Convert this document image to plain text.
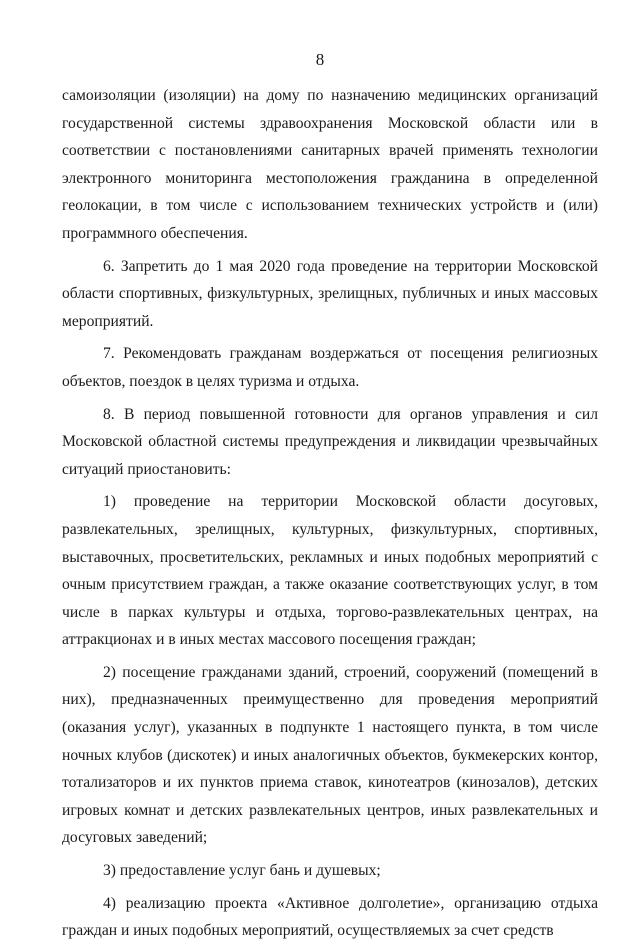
8

самоизоляции (изоляции) на дому по назначению медицинских организаций государственной системы здравоохранения Московской области или в соответствии с постановлениями санитарных врачей применять технологии электронного мониторинга местоположения гражданина в определенной геолокации, в том числе с использованием технических устройств и (или) программного обеспечения.

6. Запретить до 1 мая 2020 года проведение на территории Московской области спортивных, физкультурных, зрелищных, публичных и иных массовых мероприятий.

7. Рекомендовать гражданам воздержаться от посещения религиозных объектов, поездок в целях туризма и отдыха.

8. В период повышенной готовности для органов управления и сил Московской областной системы предупреждения и ликвидации чрезвычайных ситуаций приостановить:

1) проведение на территории Московской области досуговых, развлекательных, зрелищных, культурных, физкультурных, спортивных, выставочных, просветительских, рекламных и иных подобных мероприятий с очным присутствием граждан, а также оказание соответствующих услуг, в том числе в парках культуры и отдыха, торгово-развлекательных центрах, на аттракционах и в иных местах массового посещения граждан;

2) посещение гражданами зданий, строений, сооружений (помещений в них), предназначенных преимущественно для проведения мероприятий (оказания услуг), указанных в подпункте 1 настоящего пункта, в том числе ночных клубов (дискотек) и иных аналогичных объектов, букмекерских контор, тотализаторов и их пунктов приема ставок, кинотеатров (кинозалов), детских игровых комнат и детских развлекательных центров, иных развлекательных и досуговых заведений;

3) предоставление услуг бань и душевых;

4) реализацию проекта «Активное долголетие», организацию отдыха граждан и иных подобных мероприятий, осуществляемых за счет средств
